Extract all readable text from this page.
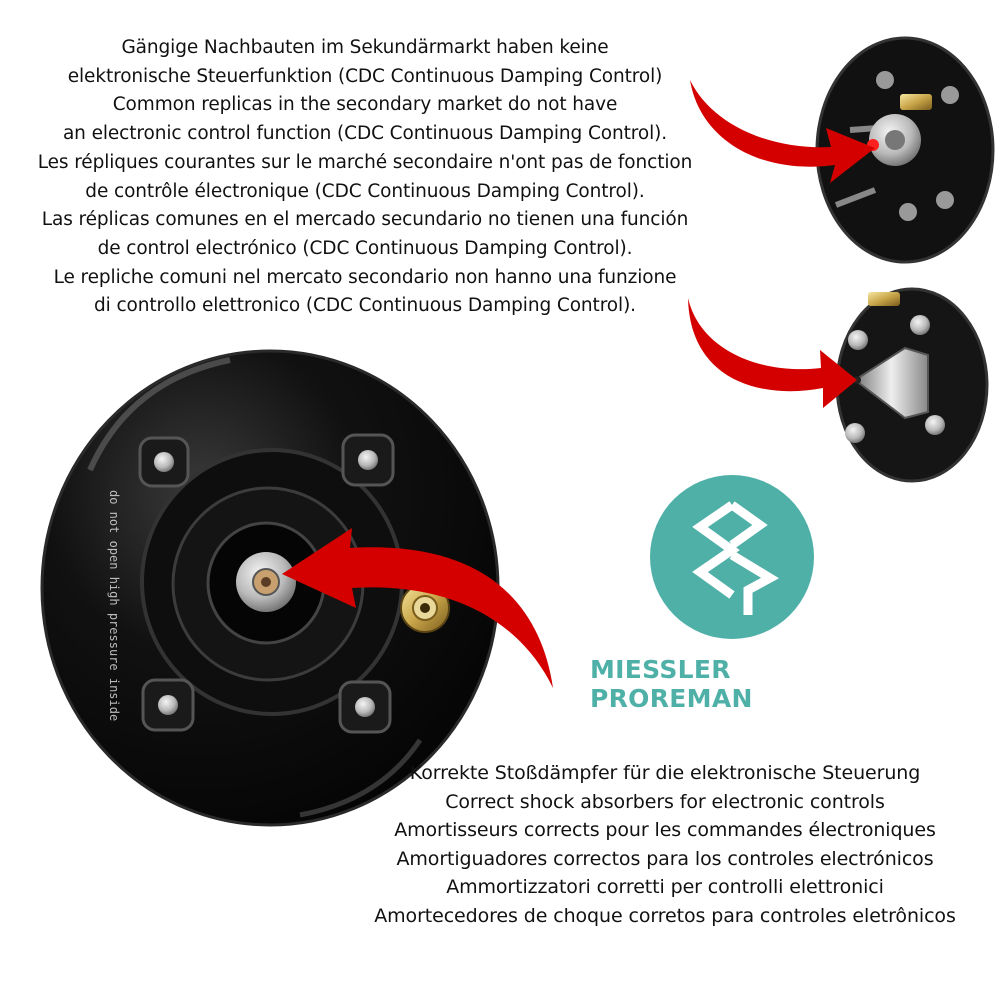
do not open high pressure inside	MIESSLER PROREMAN
Gängige Nachbauten im Sekundärmarkt haben keine
elektronische Steuerfunktion (CDC Continuous Damping Control)
Common replicas in the secondary market do not have
an electronic control function (CDC Continuous Damping Control).
Les répliques courantes sur le marché secondaire n'ont pas de fonction
de contrôle électronique (CDC Continuous Damping Control).
Las réplicas comunes en el mercado secundario no tienen una función
de control electrónico (CDC Continuous Damping Control).
Le repliche comuni nel mercato secondario non hanno una funzione
di controllo elettronico (CDC Continuous Damping Control).
Korrekte Stoßdämpfer für die elektronische Steuerung
Correct shock absorbers for electronic controls
Amortisseurs corrects pour les commandes électroniques
Amortiguadores correctos para los controles electrónicos
Ammortizzatori corretti per controlli elettronici
Amortecedores de choque corretos para controles eletrônicos
